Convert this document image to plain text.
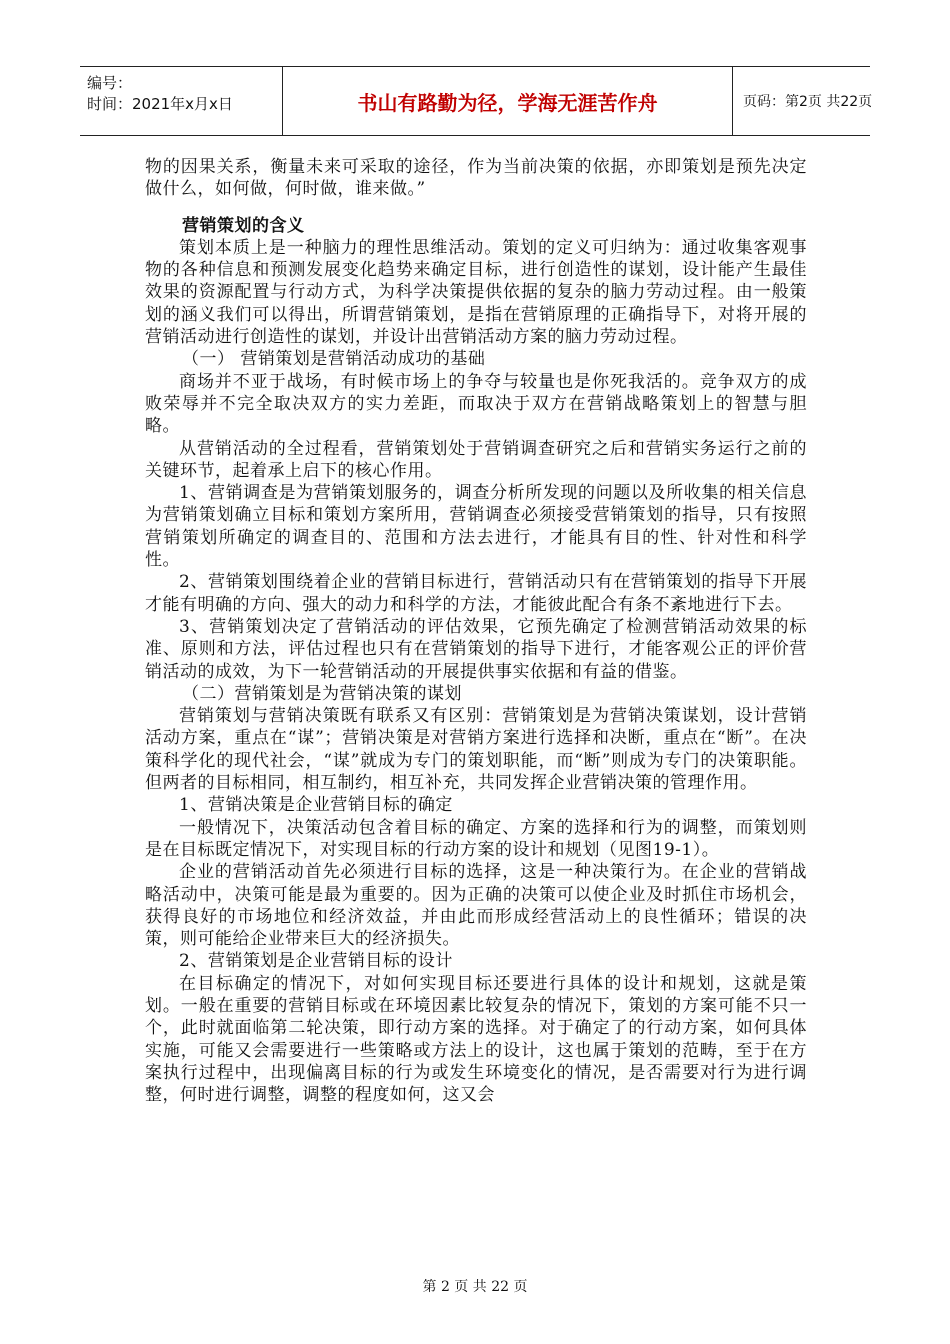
编号：
时间：2021年x月x日	书山有路勤为径，学海无涯苦作舟	页码：第2页 共22页

物的因果关系，衡量未来可采取的途径，作为当前决策的依据，亦即策划是预先决定做什么，如何做，何时做，谁来做。”

营销策划的含义

策划本质上是一种脑力的理性思维活动。策划的定义可归纳为：通过收集客观事物的各种信息和预测发展变化趋势来确定目标，进行创造性的谋划，设计能产生最佳效果的资源配置与行动方式，为科学决策提供依据的复杂的脑力劳动过程。由一般策划的涵义我们可以得出，所谓营销策划，是指在营销原理的正确指导下，对将开展的营销活动进行创造性的谋划，并设计出营销活动方案的脑力劳动过程。

（一） 营销策划是营销活动成功的基础

商场并不亚于战场，有时候市场上的争夺与较量也是你死我活的。竞争双方的成败荣辱并不完全取决双方的实力差距，而取决于双方在营销战略策划上的智慧与胆略。

从营销活动的全过程看，营销策划处于营销调查研究之后和营销实务运行之前的关键环节，起着承上启下的核心作用。

1、营销调查是为营销策划服务的，调查分析所发现的问题以及所收集的相关信息为营销策划确立目标和策划方案所用，营销调查必须接受营销策划的指导，只有按照营销策划所确定的调查目的、范围和方法去进行，才能具有目的性、针对性和科学性。

2、营销策划围绕着企业的营销目标进行，营销活动只有在营销策划的指导下开展才能有明确的方向、强大的动力和科学的方法，才能彼此配合有条不紊地进行下去。

3、营销策划决定了营销活动的评估效果，它预先确定了检测营销活动效果的标准、原则和方法，评估过程也只有在营销策划的指导下进行，才能客观公正的评价营销活动的成效，为下一轮营销活动的开展提供事实依据和有益的借鉴。

（二）营销策划是为营销决策的谋划

营销策划与营销决策既有联系又有区别：营销策划是为营销决策谋划，设计营销活动方案，重点在“谋”；营销决策是对营销方案进行选择和决断，重点在“断”。在决策科学化的现代社会，“谋”就成为专门的策划职能，而“断”则成为专门的决策职能。但两者的目标相同，相互制约，相互补充，共同发挥企业营销决策的管理作用。

1、营销决策是企业营销目标的确定

一般情况下，决策活动包含着目标的确定、方案的选择和行为的调整，而策划则是在目标既定情况下，对实现目标的行动方案的设计和规划（见图19-1）。

企业的营销活动首先必须进行目标的选择，这是一种决策行为。在企业的营销战略活动中，决策可能是最为重要的。因为正确的决策可以使企业及时抓住市场机会，获得良好的市场地位和经济效益，并由此而形成经营活动上的良性循环；错误的决策，则可能给企业带来巨大的经济损失。

2、营销策划是企业营销目标的设计

在目标确定的情况下，对如何实现目标还要进行具体的设计和规划，这就是策划。一般在重要的营销目标或在环境因素比较复杂的情况下，策划的方案可能不只一个，此时就面临第二轮决策，即行动方案的选择。对于确定了的行动方案，如何具体实施，可能又会需要进行一些策略或方法上的设计，这也属于策划的范畴，至于在方案执行过程中，出现偏离目标的行为或发生环境变化的情况，是否需要对行为进行调整，何时进行调整，调整的程度如何，这又会

第 2 页 共 22 页
